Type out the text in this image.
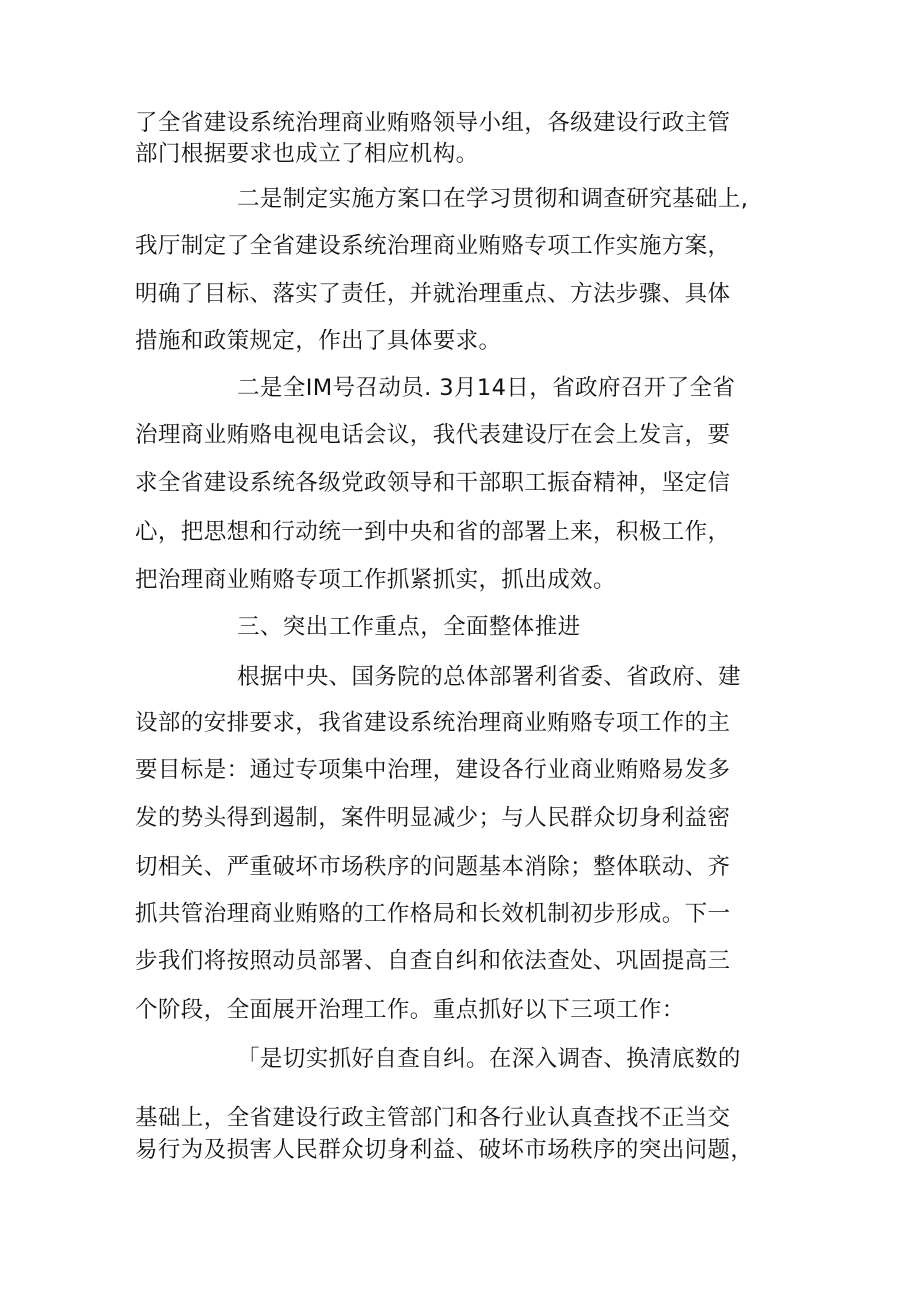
了全省建设系统治理商业贿赂领导小组，各级建设行政主管
部门根据要求也成立了相应机构。
二是制定实施方案口在学习贯彻和调查研究基础上,
我厅制定了全省建设系统治理商业贿赂专项工作实施方案，
明确了目标、落实了责任，并就治理重点、方法步骤、具体
措施和政策规定，作出了具体要求。
二是全IM号召动员. 3月14日，省政府召开了全省
治理商业贿赂电视电话会议，我代表建设厅在会上发言，要
求全省建设系统各级党政领导和干部职工振奋精神，坚定信
心，把思想和行动统一到中央和省的部署上来，积极工作，
把治理商业贿赂专项工作抓紧抓实，抓出成效。
三、突出工作重点，全面整体推进
根据中央、国务院的总体部署利省委、省政府、建
设部的安排要求，我省建设系统治理商业贿赂专项工作的主
要目标是：通过专项集中治理，建设各行业商业贿赂易发多
发的势头得到遏制，案件明显减少；与人民群众切身利益密
切相关、严重破坏市场秩序的问题基本消除；整体联动、齐
抓共管治理商业贿赂的工作格局和长效机制初步形成。下一
步我们将按照动员部署、自查自纠和依法查处、巩固提高三
个阶段，全面展开治理工作。重点抓好以下三项工作：
「是切实抓好自查自纠。在深入调杳、换清底数的
基础上，全省建设行政主管部门和各行业认真查找不正当交
易行为及损害人民群众切身利益、破坏市场秩序的突出问题，
